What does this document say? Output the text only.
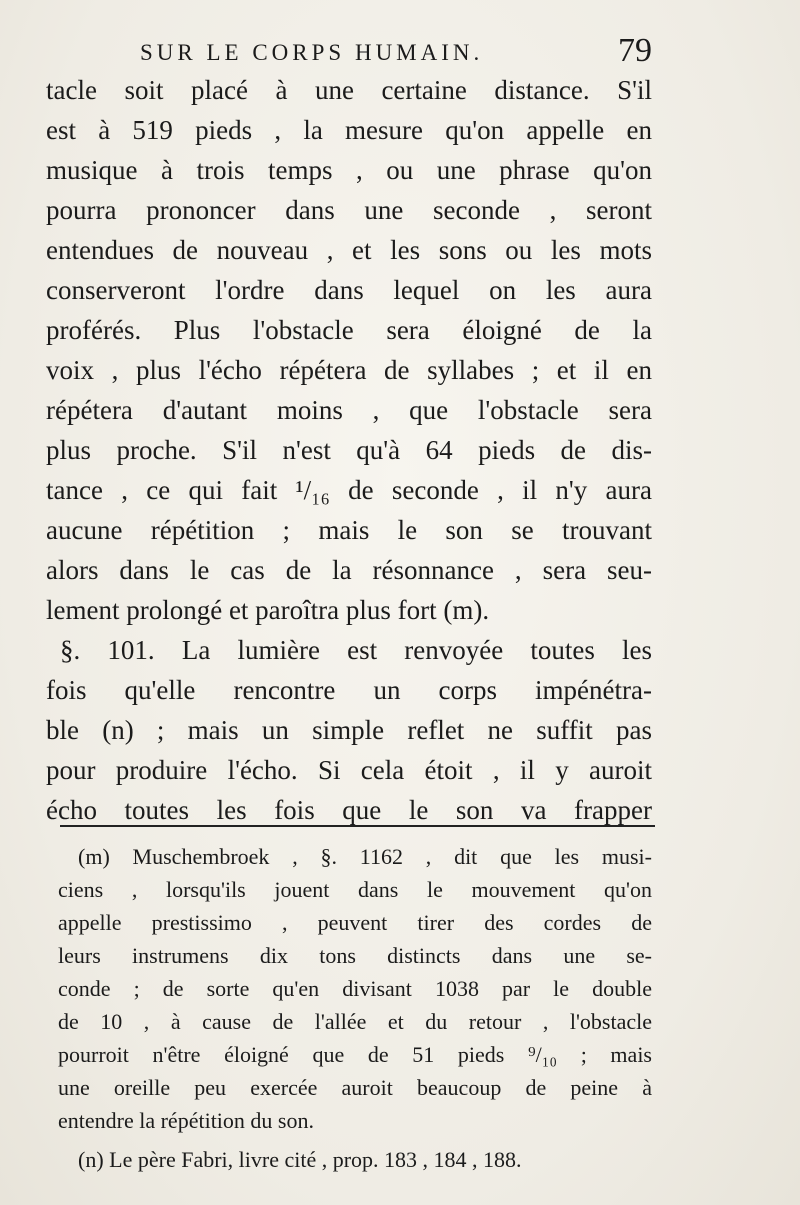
SUR LE CORPS HUMAIN.	79
tacle soit placé à une certaine distance. S'il
est à 519 pieds , la mesure qu'on appelle en
musique à trois temps , ou une phrase qu'on
pourra prononcer dans une seconde , seront
entendues de nouveau , et les sons ou les mots
conserveront l'ordre dans lequel on les aura
proférés. Plus l'obstacle sera éloigné de la
voix , plus l'écho répétera de syllabes ; et il en
répétera d'autant moins , que l'obstacle sera
plus proche. S'il n'est qu'à 64 pieds de dis-
tance , ce qui fait ¹/₁₆ de seconde , il n'y aura
aucune répétition ; mais le son se trouvant
alors dans le cas de la résonnance , sera seu-
lement prolongé et paroîtra plus fort (m).
§. 101. La lumière est renvoyée toutes les
fois qu'elle rencontre un corps impénétra-
ble (n) ; mais un simple reflet ne suffit pas
pour produire l'écho. Si cela étoit , il y auroit
écho toutes les fois que le son va frapper
(m) Muschembroek , §. 1162 , dit que les musi-
ciens , lorsqu'ils jouent dans le mouvement qu'on
appelle prestissimo , peuvent tirer des cordes de
leurs instrumens dix tons distincts dans une se-
conde ; de sorte qu'en divisant 1038 par le double
de 10 , à cause de l'allée et du retour , l'obstacle
pourroit n'être éloigné que de 51 pieds ⁹/₁₀ ; mais
une oreille peu exercée auroit beaucoup de peine à
entendre la répétition du son.
(n) Le père Fabri, livre cité , prop. 183 , 184 , 188.
